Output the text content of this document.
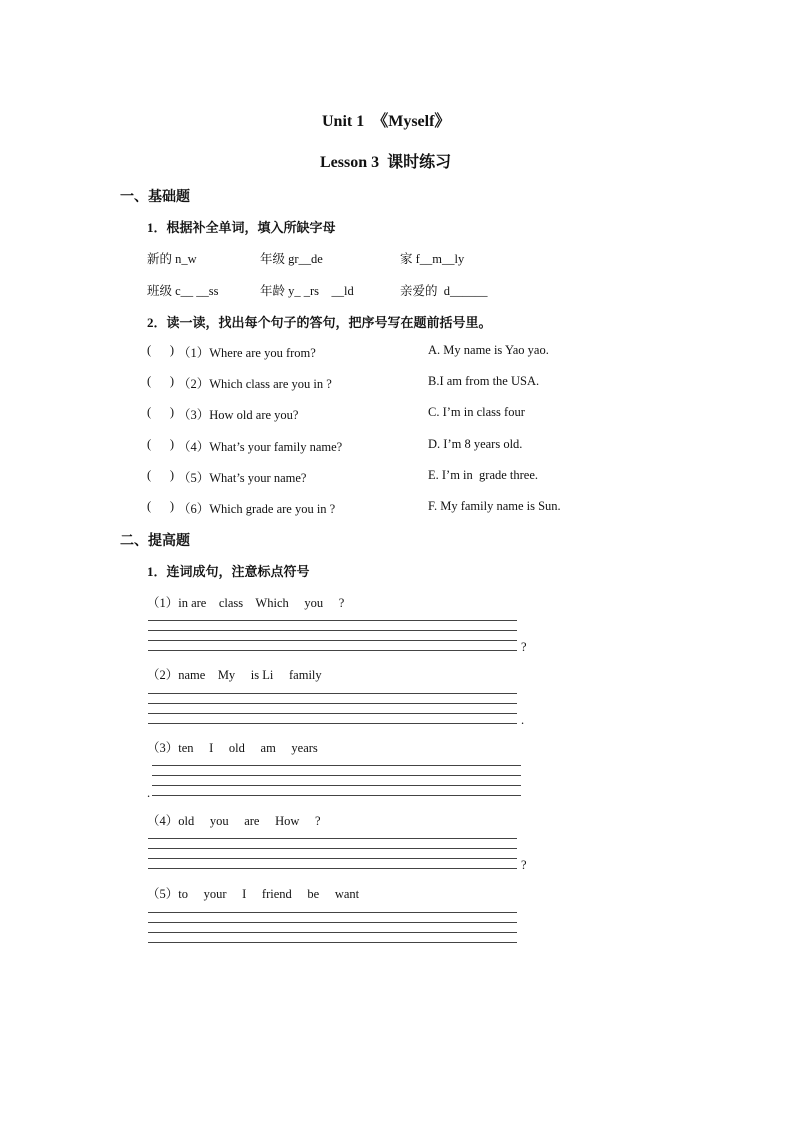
Unit 1  《Myself》
Lesson 3  课时练习
一、基础题
1．根据补全单词，填入所缺字母
新的 n_w	年级 gr__de	家 f__m__ly
班级 c__ __ss	年龄 y_ _rs    __ld	亲爱的  d______
2．读一读，找出每个句子的答句，把序号写在题前括号里。
(      ) （1）Where are you from?	A. My name is Yao yao.
(      ) （2）Which class are you in ?	B.I am from the USA.
(      ) （3）How old are you?	C. I’m in class four
(      ) （4）What’s your family name?	D. I’m 8 years old.
(      ) （5）What’s your name?	E. I’m in  grade three.
(      ) （6）Which grade are you in ?	F. My family name is Sun.
二、提高题
1．连词成句，注意标点符号
（1）in are    class    Which     you     ?
?
（2）name    My     is Li     family
.
（3）ten     I     old     am     years
.
（4）old     you     are     How     ?
?
（5）to     your     I     friend     be     want
